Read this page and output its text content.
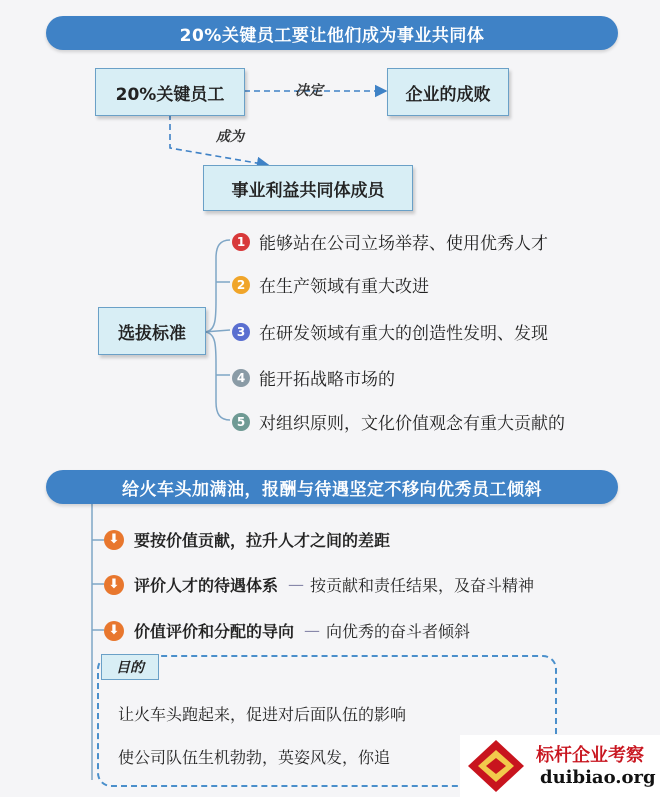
20%关键员工要让他们成为事业共同体
20%关键员工	决定	企业的成败
成为
事业利益共同体成员
选拔标准
1 能够站在公司立场举荐、使用优秀人才
2 在生产领域有重大改进
3 在研发领域有重大的创造性发明、发现
4 能开拓战略市场的
5 对组织原则，文化价值观念有重大贡献的
给火车头加满油，报酬与待遇坚定不移向优秀员工倾斜
⬇ 要按价值贡献，拉升人才之间的差距
⬇ 评价人才的待遇体系 — 按贡献和责任结果，及奋斗精神
⬇ 价值评价和分配的导向 — 向优秀的奋斗者倾斜
目的
让火车头跑起来，促进对后面队伍的影响
使公司队伍生机勃勃，英姿风发，你追	标杆企业考察
duibiao.org
